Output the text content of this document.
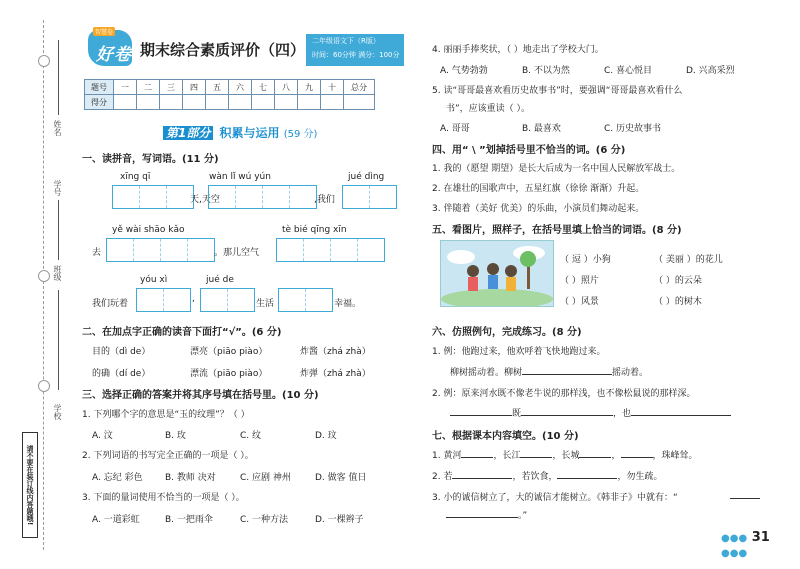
姓名
班级
学号
学校
请不要在装订线内答题哦!
智慧卷
好卷 期末综合素质评价（四） 二年级语文下（R版）
时间：60分钟 满分：100分
题号	一	二	三	四	五	六	七	八	九	十	总分
得分											
第1部分 积累与运用 (59 分)
一、读拼音，写词语。(11 分)
xīng qī
天,天空
wàn lǐ wú yún
,我们
jué dìng
yě wài shāo kǎo
去	。那儿空气
tè bié qīng xīn
yóu xì
我们玩着	,
jué de
生活	幸福。
二、在加点字正确的读音下面打“√”。(6 分)
目的（dì de）	漂亮（piāo piào）	炸酱（zhá zhà）
的确（dí de）	漂流（piāo piào）	炸弹（zhá zhà）
三、选择正确的答案并将其序号填在括号里。(10 分)
1. 下列哪个字的意思是“玉的纹理”？（ ）
A. 汶	B. 玫	C. 纹	D. 玟
2. 下列词语的书写完全正确的一项是（ ）。
A. 忘纪 彩色 B. 教师 决对	C. 应剧 神州	D. 做客 值日
3. 下面的量词使用不恰当的一项是（ ）。
A. 一道彩虹	B. 一把雨伞	C. 一种方法	D. 一棵辫子
4. 丽丽手捧奖状，（ ）地走出了学校大门。
A. 气势勃勃	B. 不以为然	C. 喜心悦目	D. 兴高采烈
5. 读“哥哥最喜欢看历史故事书”时，要强调“哥哥最喜欢看什么
书”，应该重读（ ）。
A. 哥哥	B. 最喜欢	C. 历史故事书
四、用“ \ ”划掉括号里不恰当的词。(6 分)
1. 我的（愿望 期望）是长大后成为一名中国人民解放军战士。
2. 在雄壮的国歌声中，五星红旗（徐徐 渐渐）升起。
3. 伴随着（美好 优美）的乐曲，小演员们舞动起来。
五、看图片，照样子，在括号里填上恰当的词语。(8 分)
（ 逗 ）小狗	（ 美丽 ）的花儿
（ ）照片	（ ）的云朵
（ ）风景	（ ）的树木
六、仿照例句，完成练习。(8 分)
1. 例：他跑过来，他欢呼着飞快地跑过来。
柳树摇动着。柳树	摇动着。
2. 例：原来河水既不像老牛说的那样浅，也不像松鼠说的那样深。
既	，也
七、根据课本内容填空。(10 分)
1. 黄河	，长江	，长城	，	，珠峰耸。
2. 若	，若饮食，	，勿生疏。
3. 小的诚信树立了，大的诚信才能树立。《韩非子》中就有：“
。”
●●● 31 ●●●
